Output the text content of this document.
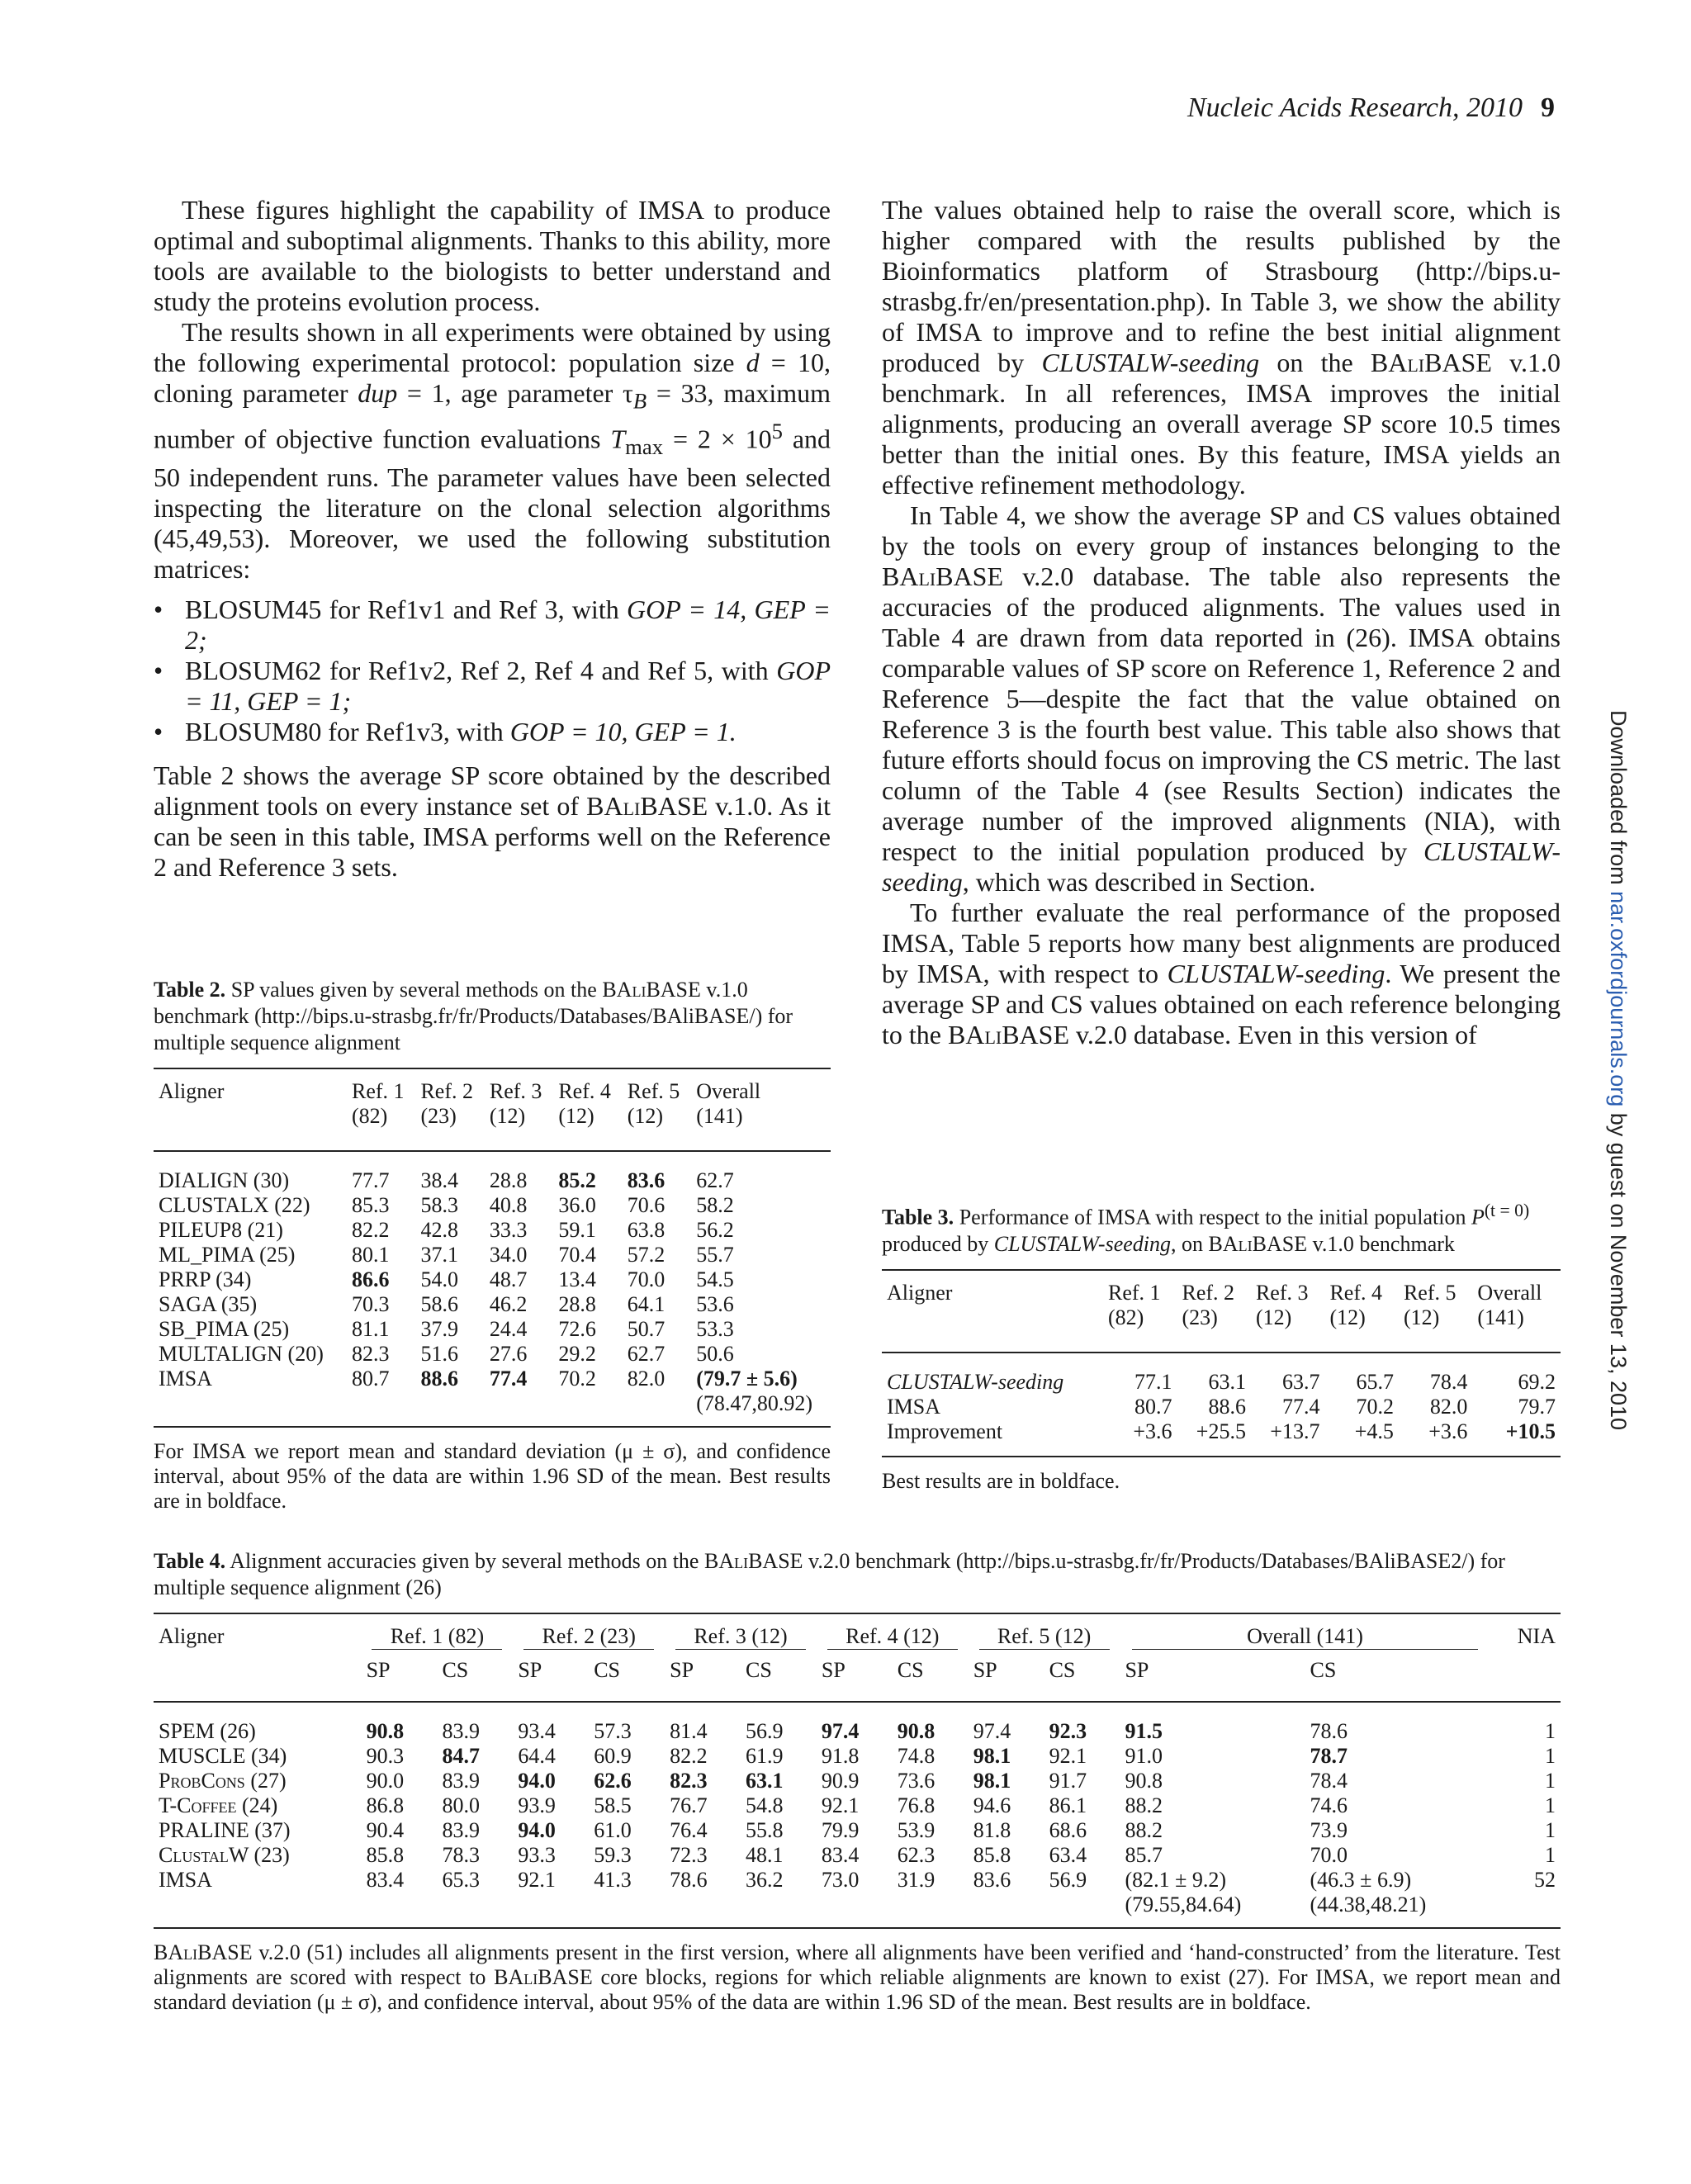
Nucleic Acids Research, 2010 9

These figures highlight the capability of IMSA to produce optimal and suboptimal alignments. Thanks to this ability, more tools are available to the biologists to better understand and study the proteins evolution process.

The results shown in all experiments were obtained by using the following experimental protocol: population size d = 10, cloning parameter dup = 1, age parameter $\tau_B = 33$, maximum number of objective function evaluations $T_{max} = 2 \times 10^5$ and 50 independent runs. The parameter values have been selected inspecting the literature on the clonal selection algorithms (45,49,53). Moreover, we used the following substitution matrices:

• BLOSUM45 for Ref1v1 and Ref 3, with GOP = 14, GEP = 2;
• BLOSUM62 for Ref1v2, Ref 2, Ref 4 and Ref 5, with GOP = 11, GEP = 1;
• BLOSUM80 for Ref1v3, with GOP = 10, GEP = 1.

Table 2 shows the average SP score obtained by the described alignment tools on every instance set of BAliBASE v.1.0. As it can be seen in this table, IMSA performs well on the Reference 2 and Reference 3 sets.

The values obtained help to raise the overall score, which is higher compared with the results published by the Bioinformatics platform of Strasbourg (http://bips.u-strasbg.fr/en/presentation.php). In Table 3, we show the ability of IMSA to improve and to refine the best initial alignment produced by CLUSTALW-seeding on the BAliBASE v.1.0 benchmark. In all references, IMSA improves the initial alignments, producing an overall average SP score 10.5 times better than the initial ones. By this feature, IMSA yields an effective refinement methodology.

In Table 4, we show the average SP and CS values obtained by the tools on every group of instances belonging to the BAliBASE v.2.0 database. The table also represents the accuracies of the produced alignments. The values used in Table 4 are drawn from data reported in (26). IMSA obtains comparable values of SP score on Reference 1, Reference 2 and Reference 5—despite the fact that the value obtained on Reference 3 is the fourth best value. This table also shows that future efforts should focus on improving the CS metric. The last column of the Table 4 (see Results Section) indicates the average number of the improved alignments (NIA), with respect to the initial population produced by CLUSTALW-seeding, which was described in Section.

To further evaluate the real performance of the proposed IMSA, Table 5 reports how many best alignments are produced by IMSA, with respect to CLUSTALW-seeding. We present the average SP and CS values obtained on each reference belonging to the BAliBASE v.2.0 database. Even in this version of

Table 2. SP values given by several methods on the BAliBASE v.1.0 benchmark (http://bips.u-strasbg.fr/fr/Products/Databases/BAliBASE/) for multiple sequence alignment
Aligner	Ref. 1	Ref. 2	Ref. 3	Ref. 4	Ref. 5	Overall
	(82)	(23)	(12)	(12)	(12)	(141)
DIALIGN (30)	77.7	38.4	28.8	85.2	83.6	62.7
CLUSTALX (22)	85.3	58.3	40.8	36.0	70.6	58.2
PILEUP8 (21)	82.2	42.8	33.3	59.1	63.8	56.2
ML_PIMA (25)	80.1	37.1	34.0	70.4	57.2	55.7
PRRP (34)	86.6	54.0	48.7	13.4	70.0	54.5
SAGA (35)	70.3	58.6	46.2	28.8	64.1	53.6
SB_PIMA (25)	81.1	37.9	24.4	72.6	50.7	53.3
MULTALIGN (20)	82.3	51.6	27.6	29.2	62.7	50.6
IMSA	80.7	88.6	77.4	70.2	82.0	(79.7 ± 5.6)
						(78.47,80.92)
For IMSA we report mean and standard deviation (μ ± σ), and confidence interval, about 95% of the data are within 1.96 SD of the mean. Best results are in boldface.
Table 3. Performance of IMSA with respect to the initial population $P^{(t = 0)}$ produced by CLUSTALW-seeding, on BAliBASE v.1.0 benchmark
Aligner	Ref. 1	Ref. 2	Ref. 3	Ref. 4	Ref. 5	Overall
	(82)	(23)	(12)	(12)	(12)	(141)
CLUSTALW-seeding	77.1	63.1	63.7	65.7	78.4	69.2
IMSA	80.7	88.6	77.4	70.2	82.0	79.7
Improvement	+3.6	+25.5	+13.7	+4.5	+3.6	+10.5
Best results are in boldface.
Table 4. Alignment accuracies given by several methods on the BAliBASE v.2.0 benchmark (http://bips.u-strasbg.fr/fr/Products/Databases/BAliBASE2/) for multiple sequence alignment (26)
Aligner	Ref. 1 (82)		Ref. 2 (23)		Ref. 3 (12)		Ref. 4 (12)		Ref. 5 (12)		Overall (141)		NIA
	SP	CS	SP	CS	SP	CS	SP	CS	SP	CS	SP	CS	
SPEM (26)	90.8	83.9	93.4	57.3	81.4	56.9	97.4	90.8	97.4	92.3	91.5	78.6	1
MUSCLE (34)	90.3	84.7	64.4	60.9	82.2	61.9	91.8	74.8	98.1	92.1	91.0	78.7	1
ProbCons (27)	90.0	83.9	94.0	62.6	82.3	63.1	90.9	73.6	98.1	91.7	90.8	78.4	1
T-Coffee (24)	86.8	80.0	93.9	58.5	76.7	54.8	92.1	76.8	94.6	86.1	88.2	74.6	1
PRALINE (37)	90.4	83.9	94.0	61.0	76.4	55.8	79.9	53.9	81.8	68.6	88.2	73.9	1
ClustalW (23)	85.8	78.3	93.3	59.3	72.3	48.1	83.4	62.3	85.8	63.4	85.7	70.0	1
IMSA	83.4	65.3	92.1	41.3	78.6	36.2	73.0	31.9	83.6	56.9	(82.1 ± 9.2)	(46.3 ± 6.9)	52
											(79.55,84.64)	(44.38,48.21)	
BAliBASE v.2.0 (51) includes all alignments present in the first version, where all alignments have been verified and ‘hand-constructed’ from the literature. Test alignments are scored with respect to BAliBASE core blocks, regions for which reliable alignments are known to exist (27). For IMSA, we report mean and standard deviation (μ ± σ), and confidence interval, about 95% of the data are within 1.96 SD of the mean. Best results are in boldface.
Downloaded from nar.oxfordjournals.org by guest on November 13, 2010
